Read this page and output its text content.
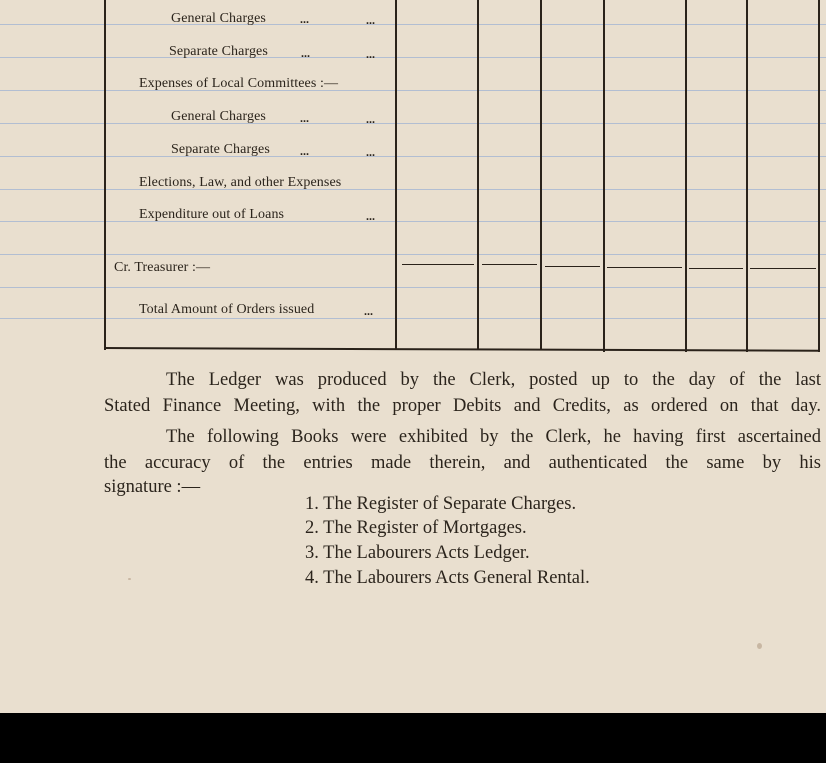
General Charges	...	...
Separate Charges	...	...
Expenses of Local Committees :—
General Charges	...	...
Separate Charges	...	...
Elections, Law, and other Expenses
Expenditure out of Loans	...
Cr. Treasurer :—
Total Amount of Orders issued	...
The Ledger was produced by the Clerk, posted up to the day of the last
Stated Finance Meeting, with the proper Debits and Credits, as ordered on that day.
The following Books were exhibited by the Clerk, he having first ascertained
the accuracy of the entries made therein, and authenticated the same by his
signature :—
1. The Register of Separate Charges.
2. The Register of Mortgages.
3. The Labourers Acts Ledger.
4. The Labourers Acts General Rental.
